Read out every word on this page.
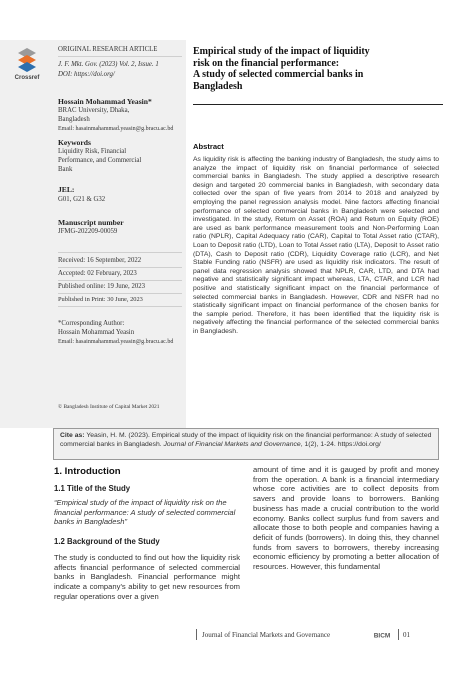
Crossref
ORIGINAL RESEARCH ARTICLE
J. F. Mkt. Gov. (2023) Vol. 2, Issue. 1
DOI: https://doi.org/
Hossain Mohammad Yeasin*
BRAC University, Dhaka,
Bangladesh
Email: hasainmahammad.yeasin@g.bracu.ac.bd
Keywords
Liquidity Risk, Financial
Performance, and Commercial
Bank
JEL:
G01, G21 & G32
Manuscript number
JFMG-202209-00059
Received: 16 September, 2022
Accepted: 02 February, 2023
Published online: 19 June, 2023
Published in Print: 30 June, 2023
*Corresponding Author:
Hossain Mohammad Yeasin
Email: hasainmahammad.yeasin@g.bracu.ac.bd
© Bangladesh Institute of Capital Market 2021
Empirical study of the impact of liquidity
risk on the financial performance:
A study of selected commercial banks in
Bangladesh
Abstract

As liquidity risk is affecting the banking industry of Bangladesh, the study aims to analyze the impact of liquidity risk on financial performance of selected commercial banks in Bangladesh. The study applied a descriptive research design and targeted 20 commercial banks in Bangladesh, with secondary data collected over the span of five years from 2014 to 2018 and analyzed by employing the panel regression analysis model. Nine factors affecting financial performance of selected commercial banks in Bangladesh were selected and investigated. In the study, Return on Asset (ROA) and Return on Equity (ROE) are used as bank performance measurement tools and Non-Performing Loan ratio (NPLR), Capital Adequacy ratio (CAR), Capital to Total Asset ratio (CTAR), Loan to Deposit ratio (LTD), Loan to Total Asset ratio (LTA), Deposit to Asset ratio (DTA), Cash to Deposit ratio (CDR), Liquidity Coverage ratio (LCR), and Net Stable Funding ratio (NSFR) are used as liquidity risk indicators. The result of panel data regression analysis showed that NPLR, CAR, LTD, and DTA had negative and statistically significant impact whereas, LTA, CTAR, and LCR had positive and statistically significant impact on the financial performance of selected commercial banks in Bangladesh. However, CDR and NSFR had no statistically significant impact on financial performance of the chosen banks for the sample period. Therefore, it has been identified that the liquidity risk is negatively affecting the financial performance of the selected commercial banks in Bangladesh.

Cite as: Yeasin, H. M. (2023). Empirical study of the impact of liquidity risk on the financial performance: A study of selected commercial banks in Bangladesh. Journal of Financial Markets and Governance, 1(2), 1-24. https://doi.org/
1. Introduction
1.1 Title of the Study

“Empirical study of the impact of liquidity risk on the financial performance: A study of selected commercial banks in Bangladesh”

1.2 Background of the Study

The study is conducted to find out how the liquidity risk affects financial performance of selected commercial banks in Bangladesh. Financial performance might indicate a company’s ability to get new resources from regular operations over a given

amount of time and it is gauged by profit and money from the operation. A bank is a financial intermediary whose core activities are to collect deposits from savers and provide loans to borrowers. Banking business has made a crucial contribution to the world economy. Banks collect surplus fund from savers and allocate those to both people and companies having a deficit of funds (borrowers). In doing this, they channel funds from savers to borrowers, thereby increasing economic efficiency by promoting a better allocation of resources. However, this fundamental

Journal of Financial Markets and Governance	BICM 01
